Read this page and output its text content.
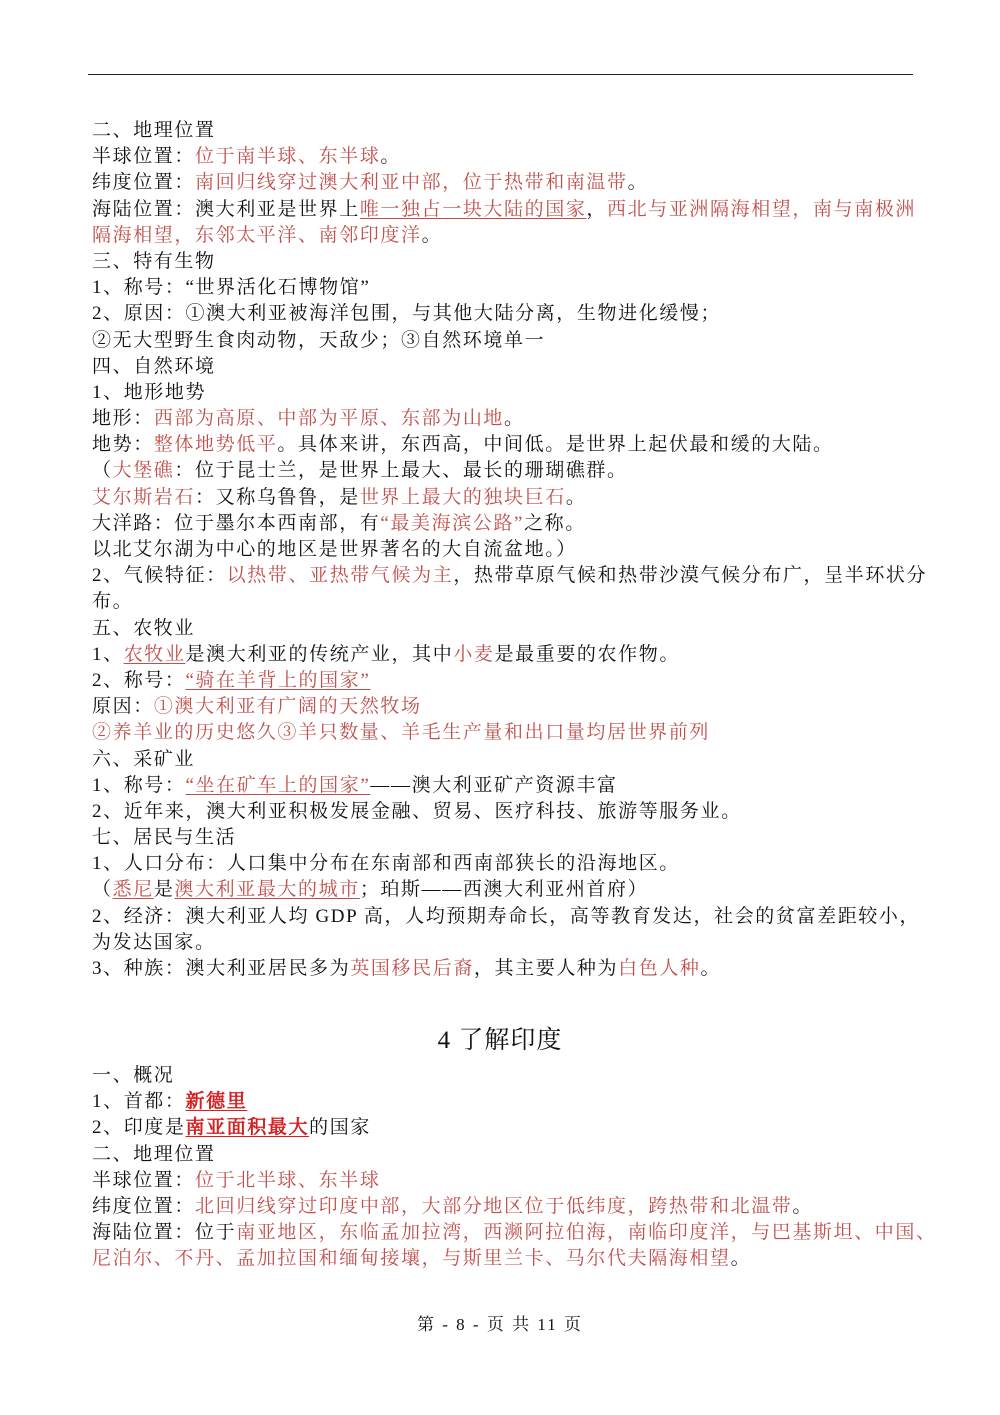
二、地理位置
半球位置：位于南半球、东半球。
纬度位置：南回归线穿过澳大利亚中部，位于热带和南温带。
海陆位置：澳大利亚是世界上唯一独占一块大陆的国家，西北与亚洲隔海相望，南与南极洲
隔海相望，东邻太平洋、南邻印度洋。
三、特有生物
1、称号：“世界活化石博物馆”
2、原因：①澳大利亚被海洋包围，与其他大陆分离，生物进化缓慢；
②无大型野生食肉动物，天敌少；③自然环境单一
四、自然环境
1、地形地势
地形：西部为高原、中部为平原、东部为山地。
地势：整体地势低平。具体来讲，东西高，中间低。是世界上起伏最和缓的大陆。
（大堡礁：位于昆士兰，是世界上最大、最长的珊瑚礁群。
艾尔斯岩石：又称乌鲁鲁，是世界上最大的独块巨石。
大洋路：位于墨尔本西南部，有“最美海滨公路”之称。
以北艾尔湖为中心的地区是世界著名的大自流盆地。）
2、气候特征：以热带、亚热带气候为主，热带草原气候和热带沙漠气候分布广，呈半环状分
布。
五、农牧业
1、农牧业是澳大利亚的传统产业，其中小麦是最重要的农作物。
2、称号：“骑在羊背上的国家”
原因：①澳大利亚有广阔的天然牧场
②养羊业的历史悠久③羊只数量、羊毛生产量和出口量均居世界前列
六、采矿业
1、称号：“坐在矿车上的国家”——澳大利亚矿产资源丰富
2、近年来，澳大利亚积极发展金融、贸易、医疗科技、旅游等服务业。
七、居民与生活
1、人口分布：人口集中分布在东南部和西南部狭长的沿海地区。
（悉尼是澳大利亚最大的城市；珀斯——西澳大利亚州首府）
2、经济：澳大利亚人均 GDP 高，人均预期寿命长，高等教育发达，社会的贫富差距较小，
为发达国家。
3、种族：澳大利亚居民多为英国移民后裔，其主要人种为白色人种。
4 了解印度
一、概况
1、首都：新德里
2、印度是南亚面积最大的国家
二、地理位置
半球位置：位于北半球、东半球
纬度位置：北回归线穿过印度中部，大部分地区位于低纬度，跨热带和北温带。
海陆位置：位于南亚地区，东临孟加拉湾，西濒阿拉伯海，南临印度洋，与巴基斯坦、中国、
尼泊尔、不丹、孟加拉国和缅甸接壤，与斯里兰卡、马尔代夫隔海相望。
第 - 8 - 页 共 11 页
